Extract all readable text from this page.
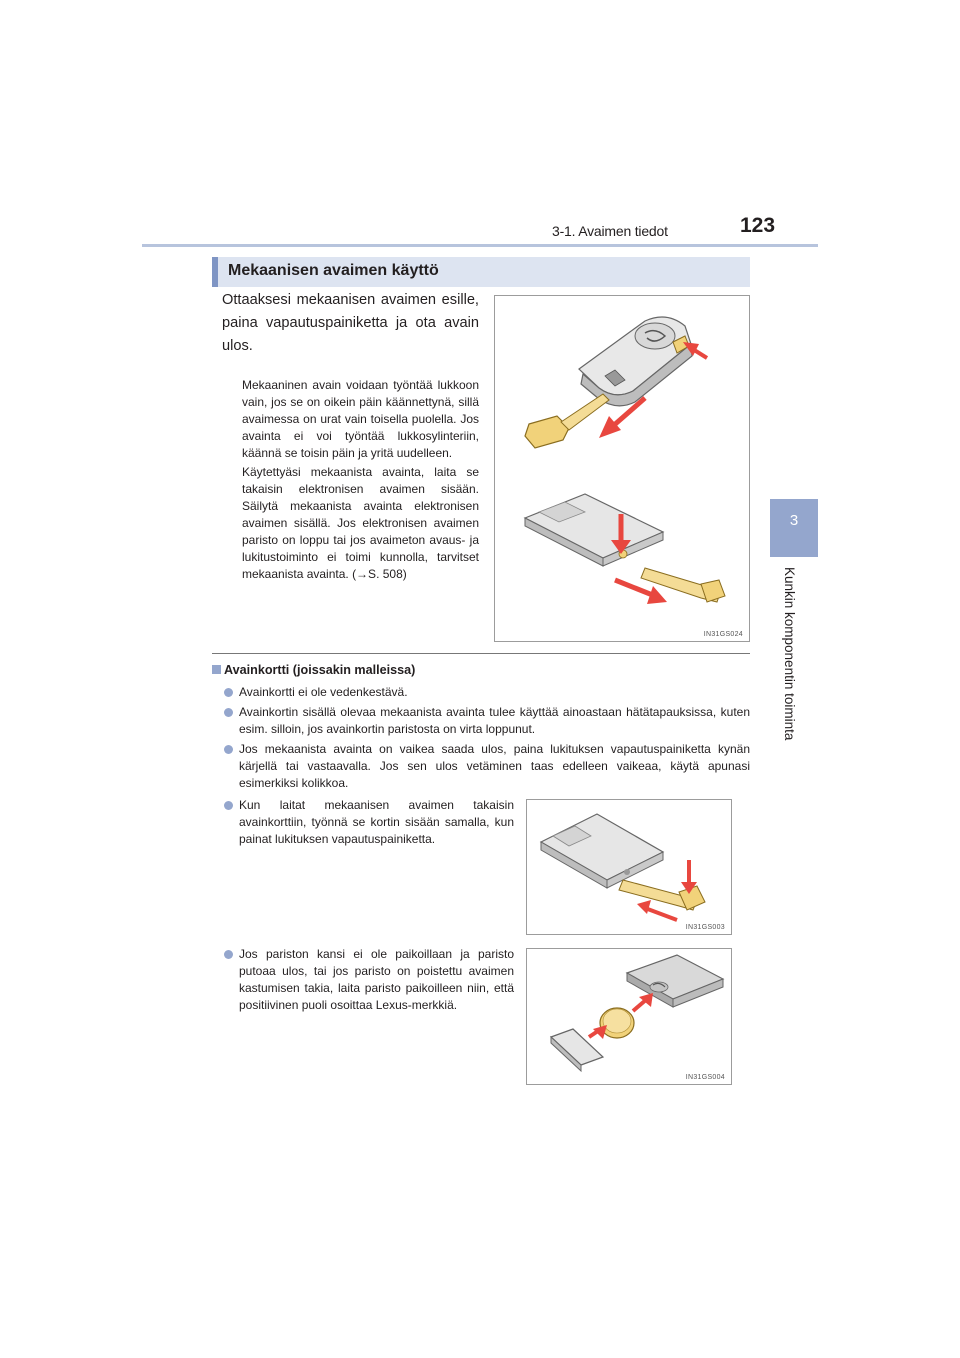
3-1. Avaimen tiedot	123
3
Kunkin komponentin toiminta
Mekaanisen avaimen käyttö

Ottaaksesi mekaanisen avaimen esille, paina vapautuspainiketta ja ota avain ulos.

Mekaaninen avain voidaan työntää lukkoon vain, jos se on oikein päin käännettynä, sillä avaimessa on urat vain toisella puolella. Jos avainta ei voi työntää lukkosylinteriin, käännä se toisin päin ja yritä uudelleen.

Käytettyäsi mekaanista avainta, laita se takaisin elektronisen avaimen sisään. Säilytä mekaanista avainta elektronisen avaimen sisällä. Jos elektronisen avaimen paristo on loppu tai jos avaimeton avaus- ja lukitustoiminto ei toimi kunnolla, tarvitset mekaanista avainta. (→S. 508)

IN31GS024
Avainkortti (joissakin malleissa)
Avainkortti ei ole vedenkestävä.
Avainkortin sisällä olevaa mekaanista avainta tulee käyttää ainoastaan hätätapauksissa, kuten esim. silloin, jos avainkortin paristosta on virta loppunut.
Jos mekaanista avainta on vaikea saada ulos, paina lukituksen vapautuspainiketta kynän kärjellä tai vastaavalla. Jos sen ulos vetäminen taas edelleen vaikeaa, käytä apunasi esimerkiksi kolikkoa.
Kun laitat mekaanisen avaimen takaisin avainkorttiin, työnnä se kortin sisään samalla, kun painat lukituksen vapautuspainiketta.
Jos pariston kansi ei ole paikoillaan ja paristo putoaa ulos, tai jos paristo on poistettu avaimen kastumisen takia, laita paristo paikoilleen niin, että positiivinen puoli osoittaa Lexus-merkkiä.
IN31GS003
IN31GS004
